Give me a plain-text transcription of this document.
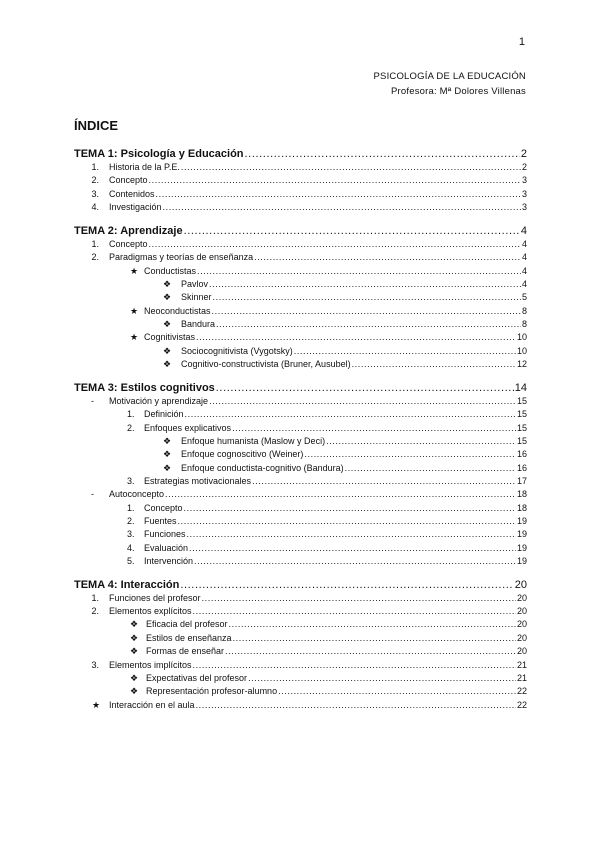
1
PSICOLOGÍA DE LA EDUCACIÓN
Profesora: Mª Dolores Villenas
ÍNDICE
TEMA 1: Psicología y Educación .....	2
1.	Historia de la P.E. .....	2
2.	Concepto .....	3
3.	Contenidos .....	3
4.	Investigación .....	3
TEMA 2: Aprendizaje .....	4
1.	Concepto .....	4
2.	Paradigmas y teorías de enseñanza .....	4
★ Conductistas .....	4
❖	Pavlov .....	4
❖	Skinner .....	5
★ Neoconductistas .....	8
❖	Bandura .....	8
★ Cognitivistas .....	10
❖	Sociocognitivista (Vygotsky) .....	10
❖	Cognitivo-constructivista (Bruner, Ausubel) .....	12
TEMA 3: Estilos cognitivos .....	14
-	Motivación y aprendizaje .....	15
1.	Definición .....	15
2.	Enfoques explicativos .....	15
❖	Enfoque humanista (Maslow y Deci) .....	15
❖	Enfoque cognoscitivo (Weiner) .....	16
❖	Enfoque conductista-cognitivo (Bandura) .....	16
3.	Estrategias motivacionales .....	17
-	Autoconcepto .....	18
1.	Concepto .....	18
2.	Fuentes .....	19
3.	Funciones .....	19
4.	Evaluación .....	19
5.	Intervención .....	19
TEMA 4: Interacción .....	20
1.	Funciones del profesor .....	20
2.	Elementos explícitos .....	20
❖ Eficacia del profesor .....	20
❖ Estilos de enseñanza .....	20
❖ Formas de enseñar .....	20
3.	Elementos implícitos .....	21
❖ Expectativas del profesor .....	21
❖ Representación profesor-alumno .....	22
★ Interacción en el aula .....	22
